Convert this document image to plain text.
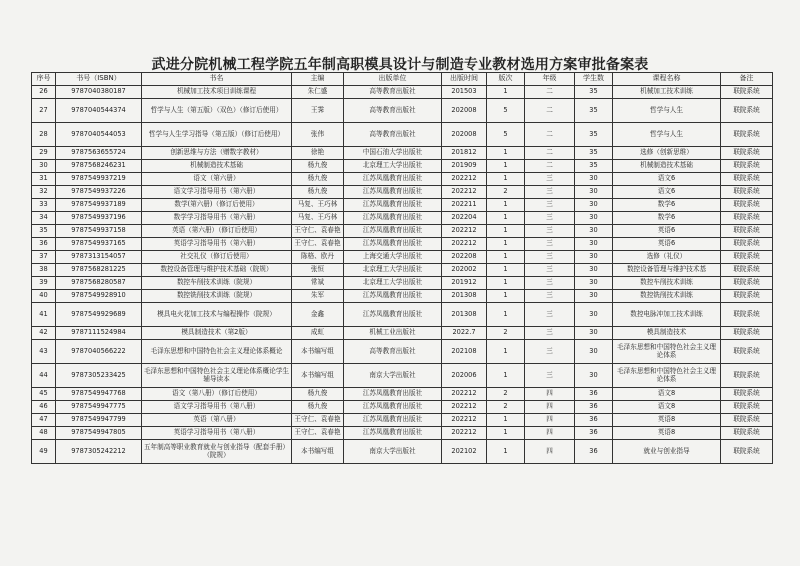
武进分院机械工程学院五年制高职模具设计与制造专业教材选用方案审批备案表
序号	书号（ISBN）	书名	主编	出版单位	出版时间	版次	年级	学生数	课程名称	备注
26	9787040380187	机械加工技术项目训练课程	朱仁盛	高等教育出版社	201503	1	二	35	机械加工技术训练	联院系统
27	9787040544374	哲学与人生（第五版）（双色）（修订后使用）	王霁	高等教育出版社	202008	5	二	35	哲学与人生	联院系统
28	9787040544053	哲学与人生学习指导（第五版）（修订后使用）	张伟	高等教育出版社	202008	5	二	35	哲学与人生	联院系统
29	9787563655724	创新思维与方法（赠数字教材）	徐艳	中国石油大学出版社	201812	1	二	35	选修（创新思维）	联院系统
30	9787568246231	机械制造技术基础	杨九俊	北京理工大学出版社	201909	1	二	35	机械制造技术基础	联院系统
31	9787549937219	语文（第六册）	杨九俊	江苏凤凰教育出版社	202212	1	三	30	语文6	联院系统
32	9787549937226	语文学习指导用书（第六册）	杨九俊	江苏凤凰教育出版社	202212	2	三	30	语文6	联院系统
33	9787549937189	数学(第六册)（修订后使用）	马复、王巧林	江苏凤凰教育出版社	202211	1	三	30	数学6	联院系统
34	9787549937196	数学学习指导用书（第六册）	马复、王巧林	江苏凤凰教育出版社	202204	1	三	30	数学6	联院系统
35	9787549937158	英语（第六册）（修订后使用）	王守仁、袁春艳	江苏凤凰教育出版社	202212	1	三	30	英语6	联院系统
36	9787549937165	英语学习指导用书（第六册）	王守仁、袁春艳	江苏凤凰教育出版社	202212	1	三	30	英语6	联院系统
37	9787313154057	社交礼仪（修订后使用）	陈格、欧丹	上海交通大学出版社	202208	1	三	30	选修（礼仪）	联院系统
38	9787568281225	数控设备管理与维护技术基础（院规）	张恒	北京理工大学出版社	202002	1	三	30	数控设备管理与维护技术基	联院系统
39	9787568280587	数控车削技术训练（院规）	常斌	北京理工大学出版社	201912	1	三	30	数控车削技术训练	联院系统
40	9787549928910	数控铣削技术训练（院规）	朱军	江苏凤凰教育出版社	201308	1	三	30	数控铣削技术训练	联院系统
41	9787549929689	模具电火花加工技术与编程操作（院规）	金鑫	江苏凤凰教育出版社	201308	1	三	30	数控电脉冲加工技术训练	联院系统
42	9787111524984	模具制造技术（第2版）	成虹	机械工业出版社	2022.7	2	三	30	模具制造技术	联院系统
43	9787040566222	毛泽东思想和中国特色社会主义理论体系概论	本书编写组	高等教育出版社	202108	1	三	30	毛泽东思想和中国特色社会主义理论体系	联院系统
44	9787305233425	毛泽东思想和中国特色社会主义理论体系概论学生辅导读本	本书编写组	南京大学出版社	202006	1	三	30	毛泽东思想和中国特色社会主义理论体系	联院系统
45	9787549947768	语文（第八册）（修订后使用）	杨九俊	江苏凤凰教育出版社	202212	2	四	36	语文8	联院系统
46	9787549947775	语文学习指导用书（第八册）	杨九俊	江苏凤凰教育出版社	202212	2	四	36	语文8	联院系统
47	9787549947799	英语（第八册）	王守仁、袁春艳	江苏凤凰教育出版社	202212	1	四	36	英语8	联院系统
48	9787549947805	英语学习指导用书（第八册）	王守仁、袁春艳	江苏凤凰教育出版社	202212	1	四	36	英语8	联院系统
49	9787305242212	五年制高等职业教育就业与创业指导（配套手册）（院规）	本书编写组	南京大学出版社	202102	1	四	36	就业与创业指导	联院系统
